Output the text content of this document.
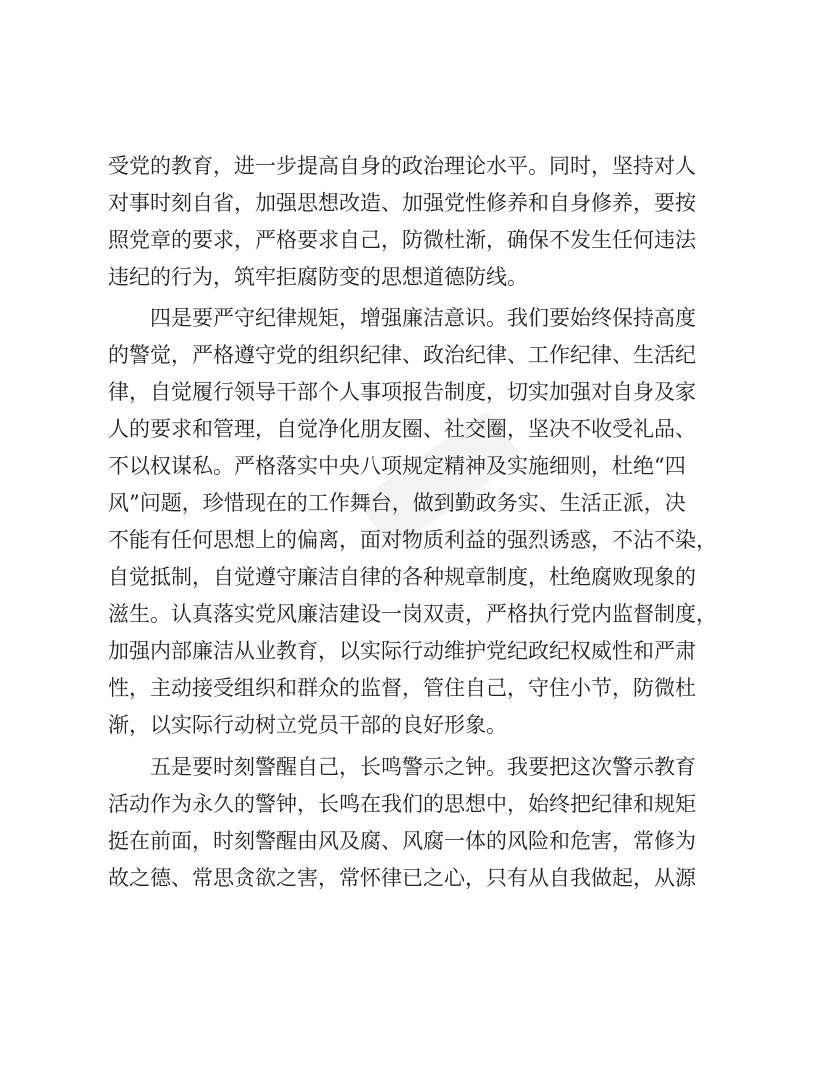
受党的教育，进一步提高自身的政治理论水平。同时，坚持对人
对事时刻自省，加强思想改造、加强党性修养和自身修养，要按
照党章的要求，严格要求自己，防微杜渐，确保不发生任何违法
违纪的行为，筑牢拒腐防变的思想道德防线。
四是要严守纪律规矩，增强廉洁意识。我们要始终保持高度
的警觉，严格遵守党的组织纪律、政治纪律、工作纪律、生活纪
律，自觉履行领导干部个人事项报告制度，切实加强对自身及家
人的要求和管理，自觉净化朋友圈、社交圈，坚决不收受礼品、
不以权谋私。严格落实中央八项规定精神及实施细则，杜绝“四
风”问题，珍惜现在的工作舞台，做到勤政务实、生活正派，决
不能有任何思想上的偏离，面对物质利益的强烈诱惑，不沾不染，
自觉抵制，自觉遵守廉洁自律的各种规章制度，杜绝腐败现象的
滋生。认真落实党风廉洁建设一岗双责，严格执行党内监督制度，
加强内部廉洁从业教育，以实际行动维护党纪政纪权威性和严肃
性，主动接受组织和群众的监督，管住自己，守住小节，防微杜
渐，以实际行动树立党员干部的良好形象。
五是要时刻警醒自己，长鸣警示之钟。我要把这次警示教育
活动作为永久的警钟，长鸣在我们的思想中，始终把纪律和规矩
挺在前面，时刻警醒由风及腐、风腐一体的风险和危害，常修为
故之德、常思贪欲之害，常怀律已之心，只有从自我做起，从源
